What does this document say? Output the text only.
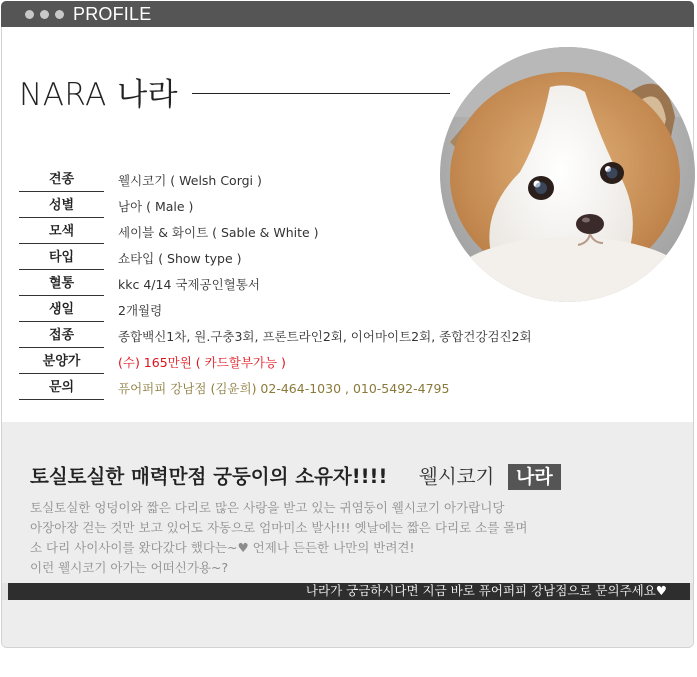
PROFILE
NARA 나라
견종	웰시코기 ( Welsh Corgi )
성별	남아 ( Male )
모색	세이블 & 화이트 ( Sable & White )
타입	쇼타입 ( Show type )
혈통	kkc 4/14 국제공인혈통서
생일	2개월령
접종	종합백신1차, 원.구충3회, 프론트라인2회, 이어마이트2회, 종합건강검진2회
분양가	(수) 165만원 ( 카드할부가능 )
문의	퓨어퍼피 강남점 (김윤희) 02-464-1030 , 010-5492-4795
토실토실한 매력만점 궁둥이의 소유자!!!! 웰시코기	나라
토실토실한 엉덩이와 짧은 다리로 많은 사랑을 받고 있는 귀염둥이 웰시코기 아가랍니당
아장아장 걷는 것만 보고 있어도 자동으로 엄마미소 발사!!! 옛날에는 짧은 다리로 소를 몰며
소 다리 사이사이를 왔다갔다 했다는~♥ 언제나 든든한 나만의 반려견!
이런 웰시코기 아가는 어떠신가용~?
나라가 궁금하시다면 지금 바로 퓨어퍼피 강남점으로 문의주세요♥
